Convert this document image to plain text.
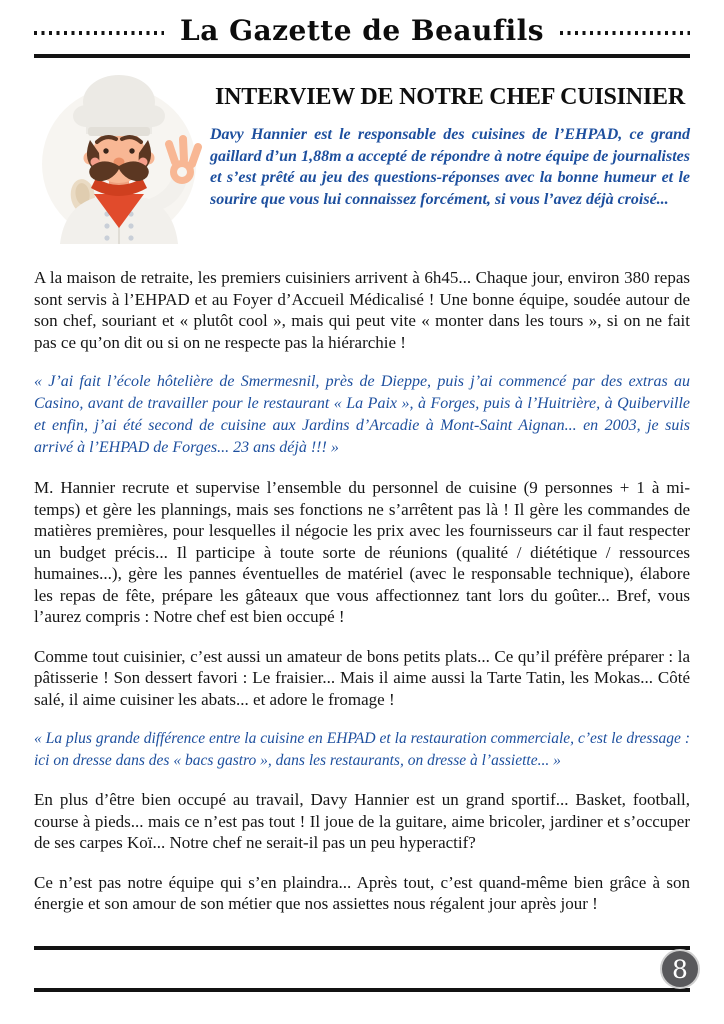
La Gazette de Beaufils
INTERVIEW DE NOTRE CHEF CUISINIER

Davy Hannier est le responsable des cuisines de l’EHPAD, ce grand gaillard d’un 1,88m a accepté de répondre à notre équipe de journalistes et s’est prêté au jeu des questions-réponses avec la bonne humeur et le sourire que vous lui connaissez forcément, si vous l’avez déjà croisé...

A la maison de retraite, les premiers cuisiniers arrivent à 6h45... Chaque jour, environ 380 repas sont servis à l’EHPAD et au Foyer d’Accueil Médicalisé ! Une bonne équipe, soudée autour de son chef, souriant et « plutôt cool », mais qui peut vite « monter dans les tours », si on ne fait pas ce qu’on dit ou si on ne respecte pas la hiérarchie !

« J’ai fait l’école hôtelière de Smermesnil, près de Dieppe, puis j’ai commencé par des extras au Casino, avant de travailler pour le restaurant « La Paix », à Forges, puis à l’Huitrière, à Quiberville et enfin, j’ai été second de cuisine aux Jardins d’Arcadie à Mont-Saint Aignan... en 2003, je suis arrivé à l’EHPAD de Forges... 23 ans déjà !!! »

M. Hannier recrute et supervise l’ensemble du personnel de cuisine (9 personnes + 1 à mi-temps) et gère les plannings, mais ses fonctions ne s’arrêtent pas là ! Il gère les commandes de matières premières, pour lesquelles il négocie les prix avec les fournisseurs car il faut respecter un budget précis... Il participe à toute sorte de réunions (qualité / diététique / ressources humaines...), gère les pannes éventuelles de matériel (avec le responsable technique), élabore les repas de fête, prépare les gâteaux que vous affectionnez tant lors du goûter... Bref, vous l’aurez compris : Notre chef est bien occupé !

Comme tout cuisinier, c’est aussi un amateur de bons petits plats... Ce qu’il préfère préparer : la pâtisserie ! Son dessert favori : Le fraisier... Mais il aime aussi la Tarte Tatin, les Mokas... Côté salé, il aime cuisiner les abats... et adore le fromage !

« La plus grande différence entre la cuisine en EHPAD et la restauration commerciale, c’est le dressage : ici on dresse dans des « bacs gastro », dans les restaurants, on dresse à l’assiette... »

En plus d’être bien occupé au travail, Davy Hannier est un grand sportif... Basket, football, course à pieds... mais ce n’est pas tout ! Il joue de la guitare, aime bricoler, jardiner et s’occuper de ses carpes Koï... Notre chef ne serait-il pas un peu hyperactif?

Ce n’est pas notre équipe qui s’en plaindra... Après tout, c’est quand-même bien grâce à son énergie et son amour de son métier que nos assiettes nous régalent jour après jour !

8
